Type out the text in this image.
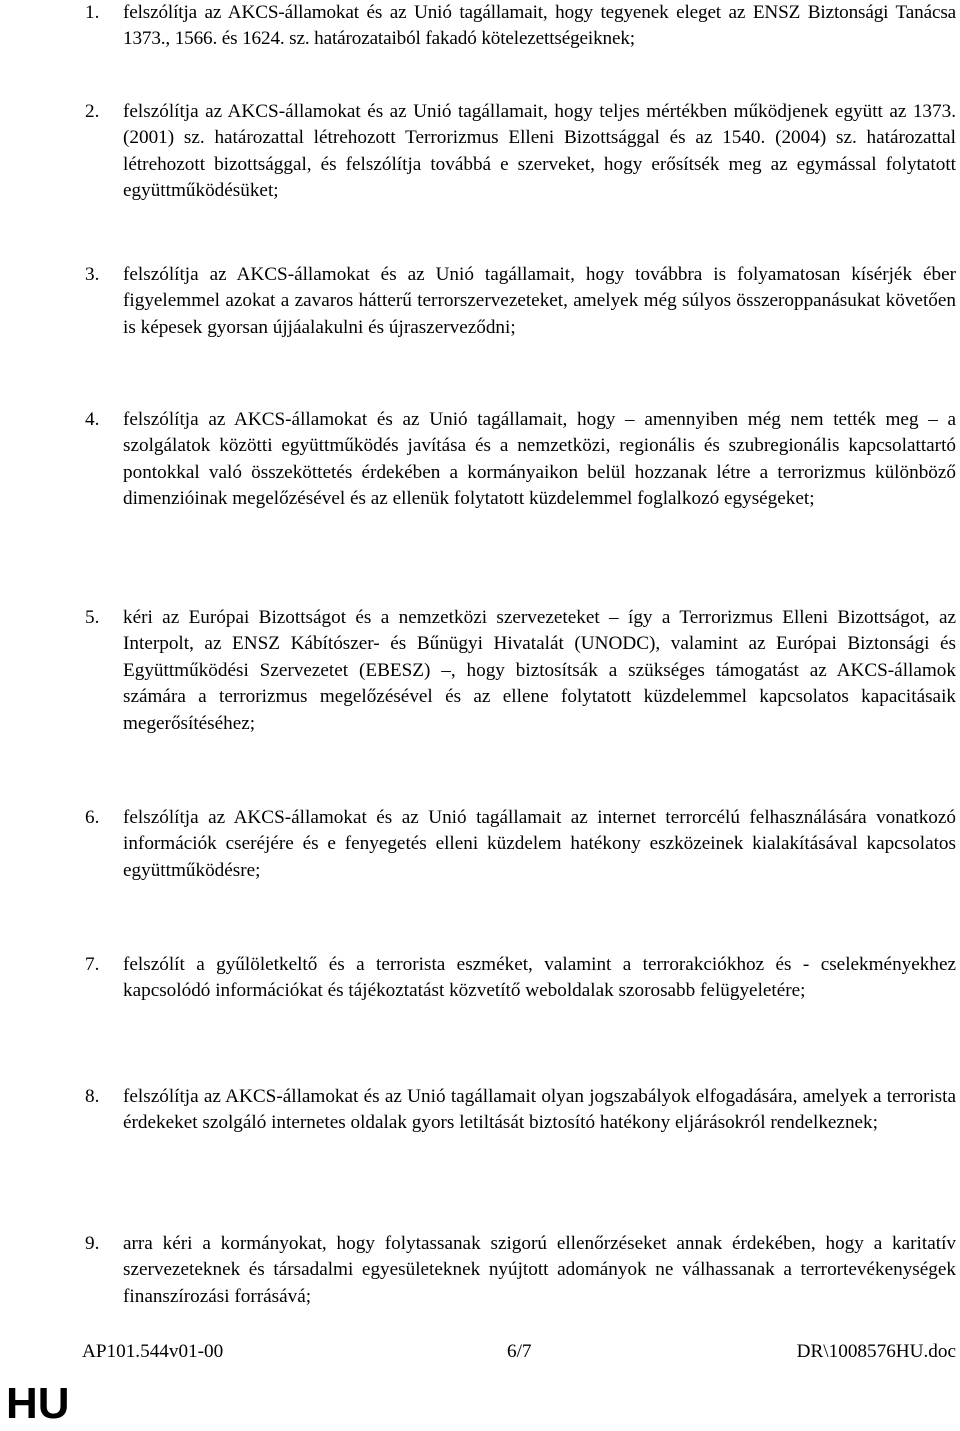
1.	felszólítja az AKCS-államokat és az Unió tagállamait, hogy tegyenek eleget az ENSZ Biztonsági Tanácsa 1373., 1566. és 1624. sz. határozataiból fakadó kötelezettségeiknek;
2.	felszólítja az AKCS-államokat és az Unió tagállamait, hogy teljes mértékben működjenek együtt az 1373. (2001) sz. határozattal létrehozott Terrorizmus Elleni Bizottsággal és az 1540. (2004) sz. határozattal létrehozott bizottsággal, és felszólítja továbbá e szerveket, hogy erősítsék meg az egymással folytatott együttműködésüket;
3.	felszólítja az AKCS-államokat és az Unió tagállamait, hogy továbbra is folyamatosan kísérjék éber figyelemmel azokat a zavaros hátterű terrorszervezeteket, amelyek még súlyos összeroppanásukat követően is képesek gyorsan újjáalakulni és újraszerveződni;
4.	felszólítja az AKCS-államokat és az Unió tagállamait, hogy – amennyiben még nem tették meg – a szolgálatok közötti együttműködés javítása és a nemzetközi, regionális és szubregionális kapcsolattartó pontokkal való összeköttetés érdekében a kormányaikon belül hozzanak létre a terrorizmus különböző dimenzióinak megelőzésével és az ellenük folytatott küzdelemmel foglalkozó egységeket;
5.	kéri az Európai Bizottságot és a nemzetközi szervezeteket – így a Terrorizmus Elleni Bizottságot, az Interpolt, az ENSZ Kábítószer- és Bűnügyi Hivatalát (UNODC), valamint az Európai Biztonsági és Együttműködési Szervezetet (EBESZ) –, hogy biztosítsák a szükséges támogatást az AKCS-államok számára a terrorizmus megelőzésével és az ellene folytatott küzdelemmel kapcsolatos kapacitásaik megerősítéséhez;
6.	felszólítja az AKCS-államokat és az Unió tagállamait az internet terrorcélú felhasználására vonatkozó információk cseréjére és e fenyegetés elleni küzdelem hatékony eszközeinek kialakításával kapcsolatos együttműködésre;
7.	felszólít a gyűlöletkeltő és a terrorista eszméket, valamint a terrorakciókhoz és - cselekményekhez kapcsolódó információkat és tájékoztatást közvetítő weboldalak szorosabb felügyeletére;
8.	felszólítja az AKCS-államokat és az Unió tagállamait olyan jogszabályok elfogadására, amelyek a terrorista érdekeket szolgáló internetes oldalak gyors letiltását biztosító hatékony eljárásokról rendelkeznek;
9.	arra kéri a kormányokat, hogy folytassanak szigorú ellenőrzéseket annak érdekében, hogy a karitatív szervezeteknek és társadalmi egyesületeknek nyújtott adományok ne válhassanak a terrortevékenységek finanszírozási forrásává;
AP101.544v01-00	6/7	DR\1008576HU.doc
HU
